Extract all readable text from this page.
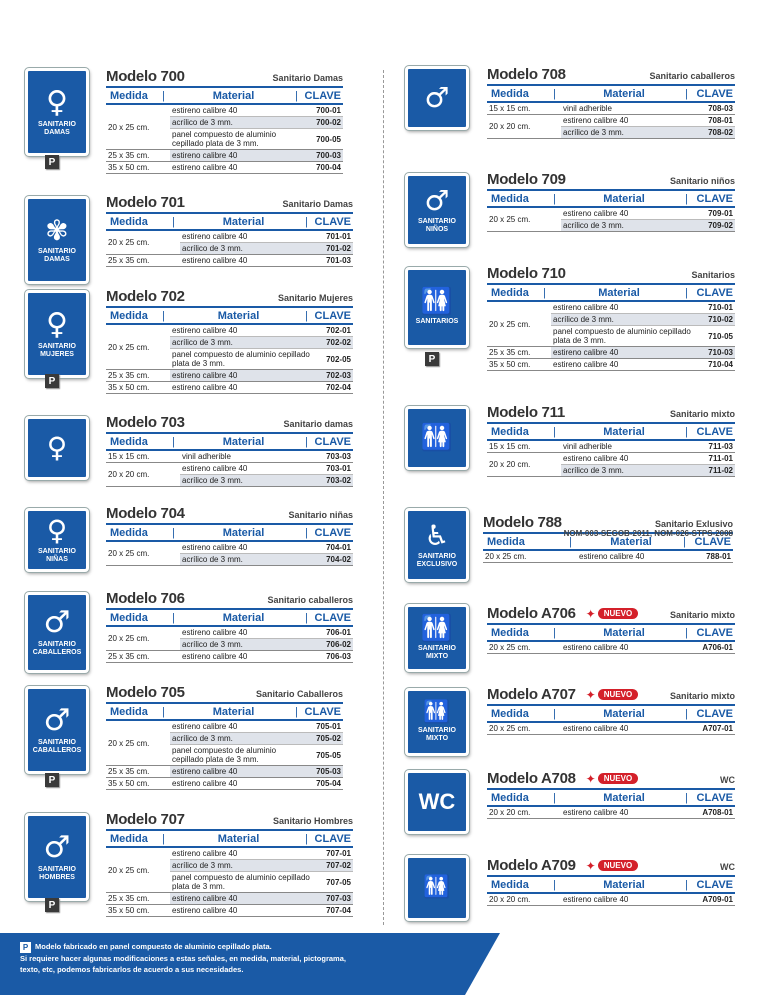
♀
SANITARIO DAMAS
P
Modelo 700	Sanitario Damas
Medida	|	Material	| CLAVE
20 x 25 cm.
estireno calibre 40	700-01
acrílico de 3 mm.	700-02
panel compuesto de aluminio cepillado plata de 3 mm.	700-05
25 x 35 cm.	estireno calibre 40	700-03
35 x 50 cm.	estireno calibre 40	700-04
✾
SANITARIO DAMAS
Modelo 701	Sanitario Damas
Medida	|	Material	| CLAVE
20 x 25 cm.
estireno calibre 40	701-01
acrílico de 3 mm.	701-02
25 x 35 cm.	estireno calibre 40	701-03
♀
SANITARIO MUJERES
P
Modelo 702	Sanitario Mujeres
Medida	|	Material	| CLAVE
20 x 25 cm.
estireno calibre 40	702-01
acrílico de 3 mm.	702-02
panel compuesto de aluminio cepillado plata de 3 mm.	702-05
25 x 35 cm.	estireno calibre 40	702-03
35 x 50 cm.	estireno calibre 40	702-04
♀
Modelo 703	Sanitario damas
Medida	|	Material	| CLAVE
15 x 15 cm.	vinil adherible	703-03
20 x 20 cm.
estireno calibre 40	703-01
acrílico de 3 mm.	703-02
♀
SANITARIO NIÑAS
Modelo 704	Sanitario niñas
Medida	|	Material	| CLAVE
20 x 25 cm.
estireno calibre 40	704-01
acrílico de 3 mm.	704-02
♂
SANITARIO CABALLEROS
Modelo 706	Sanitario caballeros
Medida	|	Material	| CLAVE
20 x 25 cm.
estireno calibre 40	706-01
acrílico de 3 mm.	706-02
25 x 35 cm.	estireno calibre 40	706-03
♂
SANITARIO CABALLEROS
P
Modelo 705	Sanitario Caballeros
Medida	|	Material	| CLAVE
20 x 25 cm.
estireno calibre 40	705-01
acrílico de 3 mm.	705-02
panel compuesto de aluminio cepillado plata de 3 mm.	705-05
25 x 35 cm.	estireno calibre 40	705-03
35 x 50 cm.	estireno calibre 40	705-04
♂
SANITARIO HOMBRES
P
Modelo 707	Sanitario Hombres
Medida	|	Material	| CLAVE
20 x 25 cm.
estireno calibre 40	707-01
acrílico de 3 mm.	707-02
panel compuesto de aluminio cepillado plata de 3 mm.	707-05
25 x 35 cm.	estireno calibre 40	707-03
35 x 50 cm.	estireno calibre 40	707-04
♂
Modelo 708	Sanitario caballeros
Medida	|	Material	| CLAVE
15 x 15 cm.	vinil adherible	708-03
20 x 20 cm.
estireno calibre 40	708-01
acrílico de 3 mm.	708-02
♂
SANITARIO NIÑOS
Modelo 709	Sanitario niños
Medida	|	Material	| CLAVE
20 x 25 cm.
estireno calibre 40	709-01
acrílico de 3 mm.	709-02
🚻
SANITARIOS
P
Modelo 710	Sanitarios
Medida	|	Material	| CLAVE
20 x 25 cm.
estireno calibre 40	710-01
acrílico de 3 mm.	710-02
panel compuesto de aluminio cepillado plata de 3 mm.	710-05
25 x 35 cm.	estireno calibre 40	710-03
35 x 50 cm.	estireno calibre 40	710-04
🚻
Modelo 711	Sanitario mixto
Medida	|	Material	| CLAVE
15 x 15 cm.	vinil adherible	711-03
20 x 20 cm.
estireno calibre 40	711-01
acrílico de 3 mm.	711-02
♿
SANITARIO EXCLUSIVO
Modelo 788	Sanitario Exlusivo
NOM-003-SEGOB-2011, NOM-026-STPS-2008
Medida	|	Material	| CLAVE
20 x 25 cm.	estireno calibre 40	788-01
🚻
SANITARIO MIXTO
Modelo A706 ✦	NUEVO	Sanitario mixto
Medida	|	Material	| CLAVE
20 x 25 cm.	estireno calibre 40	A706-01
🚻
SANITARIO MIXTO
Modelo A707 ✦	NUEVO	Sanitario mixto
Medida	|	Material	| CLAVE
20 x 25 cm.	estireno calibre 40	A707-01
WC
Modelo A708 ✦	NUEVO	WC
Medida	|	Material	| CLAVE
20 x 20 cm.	estireno calibre 40	A708-01
🚻
Modelo A709 ✦	NUEVO	WC
Medida	|	Material	| CLAVE
20 x 20 cm.	estireno calibre 40	A709-01
P Modelo fabricado en panel compuesto de aluminio cepillado plata.
Si requiere hacer algunas modificaciones a estas señales, en medida, material, pictograma,
texto, etc, podemos fabricarlos de acuerdo a sus necesidades.
